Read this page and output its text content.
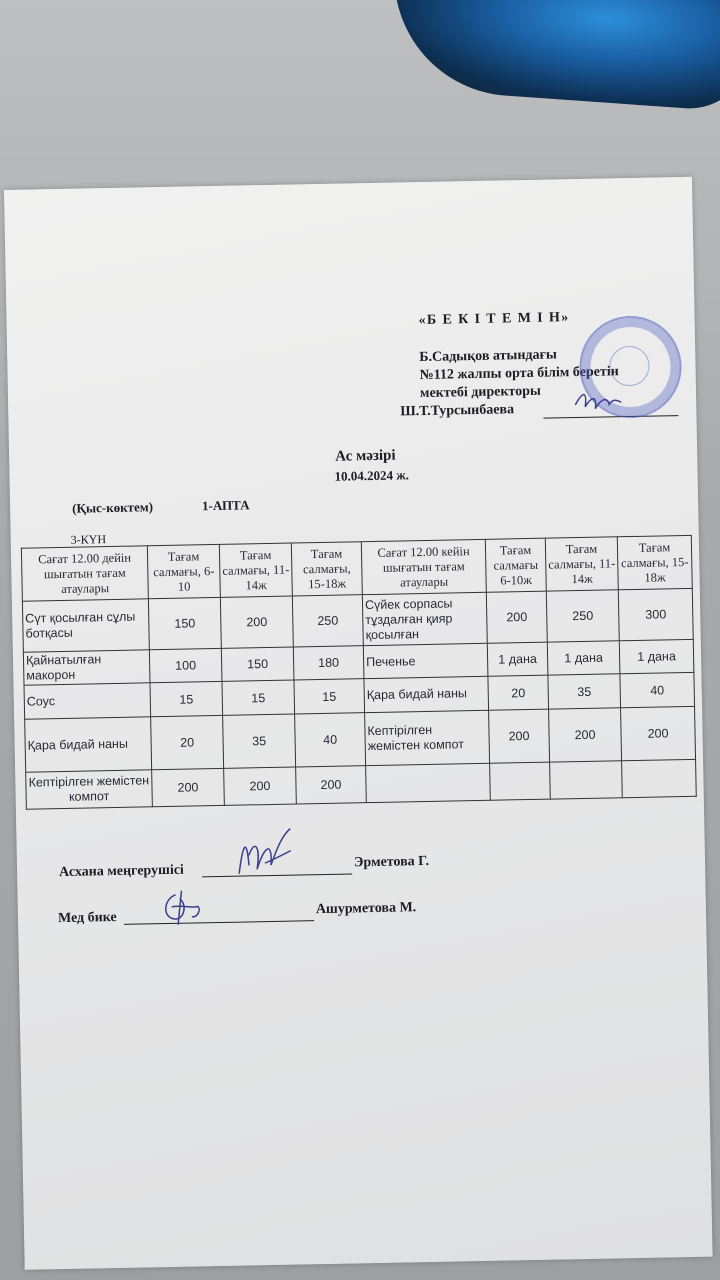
«Б Е К І Т Е М І Н»
Б.Садықов атындағы
№112 жалпы орта білім беретін
мектебі директоры
Ш.Т.Турсынбаева
Ас мәзірі
10.04.2024 ж.
(Қыс-көктем)	1-АПТА
3-КҮН
Сағат 12.00 дейін шығатын тағам атаулары	Тағам салмағы, 6-10	Тағам салмағы, 11-14ж	Тағам салмағы, 15-18ж	Сағат 12.00 кейін шығатын тағам атаулары	Тағам салмағы 6-10ж	Тағам салмағы, 11-14ж	Тағам салмағы, 15-18ж
Сүт қосылған сұлы ботқасы	150	200	250	Сүйек сорпасы тұздалған қияр қосылған	200	250	300
Қайнатылған макорон	100	150	180	Печенье	1 дана	1 дана	1 дана
Соус	15	15	15	Қара бидай наны	20	35	40
Қара бидай наны	20	35	40	Кептірілген жемістен компот	200	200	200
Кептірілген жемістен компот	200	200	200				
Асхана меңгерушісі
Эрметова Г.
Мед бике
Ашурметова М.
